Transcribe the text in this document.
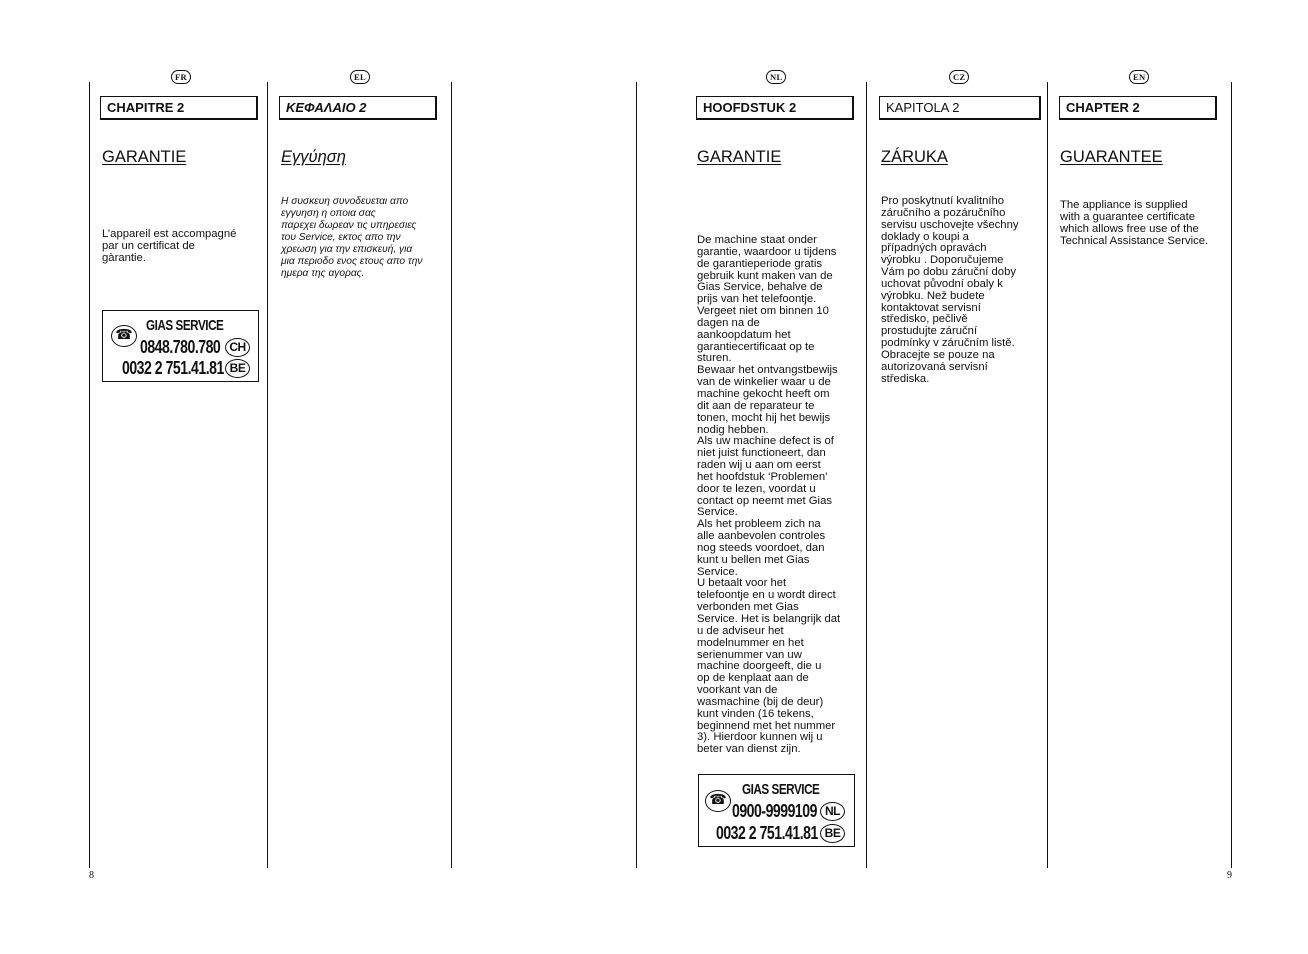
FR
CHAPITRE 2
GARANTIE
L’appareil est accompagné
par un certificat de
gàrantie.
☎
GIAS SERVICE
0848.780.780 CH
0032 2 751.41.81 BE
EL
ΚΕΦΑΛΑΙΟ 2
Εγγύηση
Η συσκευη συνοδευεται απο
εγγυηση η οποια σας
παρεχει δωρεαν τις υπηρεσιες
του Service, εκτος απο την
χρεωση για την επισκευή, για
μια περιοδο ενος ετους απο την
ημερα της αγορας.
NL
HOOFDSTUK 2
GARANTIE
De machine staat onder
garantie, waardoor u tijdens
de garantieperiode gratis
gebruik kunt maken van de
Gias Service, behalve de
prijs van het telefoontje.
Vergeet niet om binnen 10
dagen na de
aankoopdatum het
garantiecertificaat op te
sturen.
Bewaar het ontvangstbewijs
van de winkelier waar u de
machine gekocht heeft om
dit aan de reparateur te
tonen, mocht hij het bewijs
nodig hebben.
Als uw machine defect is of
niet juist functioneert, dan
raden wij u aan om eerst
het hoofdstuk ‘Problemen’
door te lezen, voordat u
contact op neemt met Gias
Service.
Als het probleem zich na
alle aanbevolen controles
nog steeds voordoet, dan
kunt u bellen met Gias
Service.
U betaalt voor het
telefoontje en u wordt direct
verbonden met Gias
Service. Het is belangrijk dat
u de adviseur het
modelnummer en het
serienummer van uw
machine doorgeeft, die u
op de kenplaat aan de
voorkant van de
wasmachine (bij de deur)
kunt vinden (16 tekens,
beginnend met het nummer
3). Hierdoor kunnen wij u
beter van dienst zijn.
☎
GIAS SERVICE
0900-9999109 NL
0032 2 751.41.81 BE
CZ
KAPITOLA 2
ZÁRUKA
Pro poskytnutí kvalitního
záručního a pozáručního
servisu uschovejte všechny
doklady o koupi a
případných opravách
výrobku . Doporučujeme
Vám po dobu záruční doby
uchovat původní obaly k
výrobku. Než budete
kontaktovat servisní
středisko, pečlivě
prostudujte záruční
podmínky v záručním listě.
Obracejte se pouze na
autorizovaná servisní
střediska.
EN
CHAPTER 2
GUARANTEE
The appliance is supplied
with a guarantee certificate
which allows free use of the
Technical Assistance Service.
8	9
